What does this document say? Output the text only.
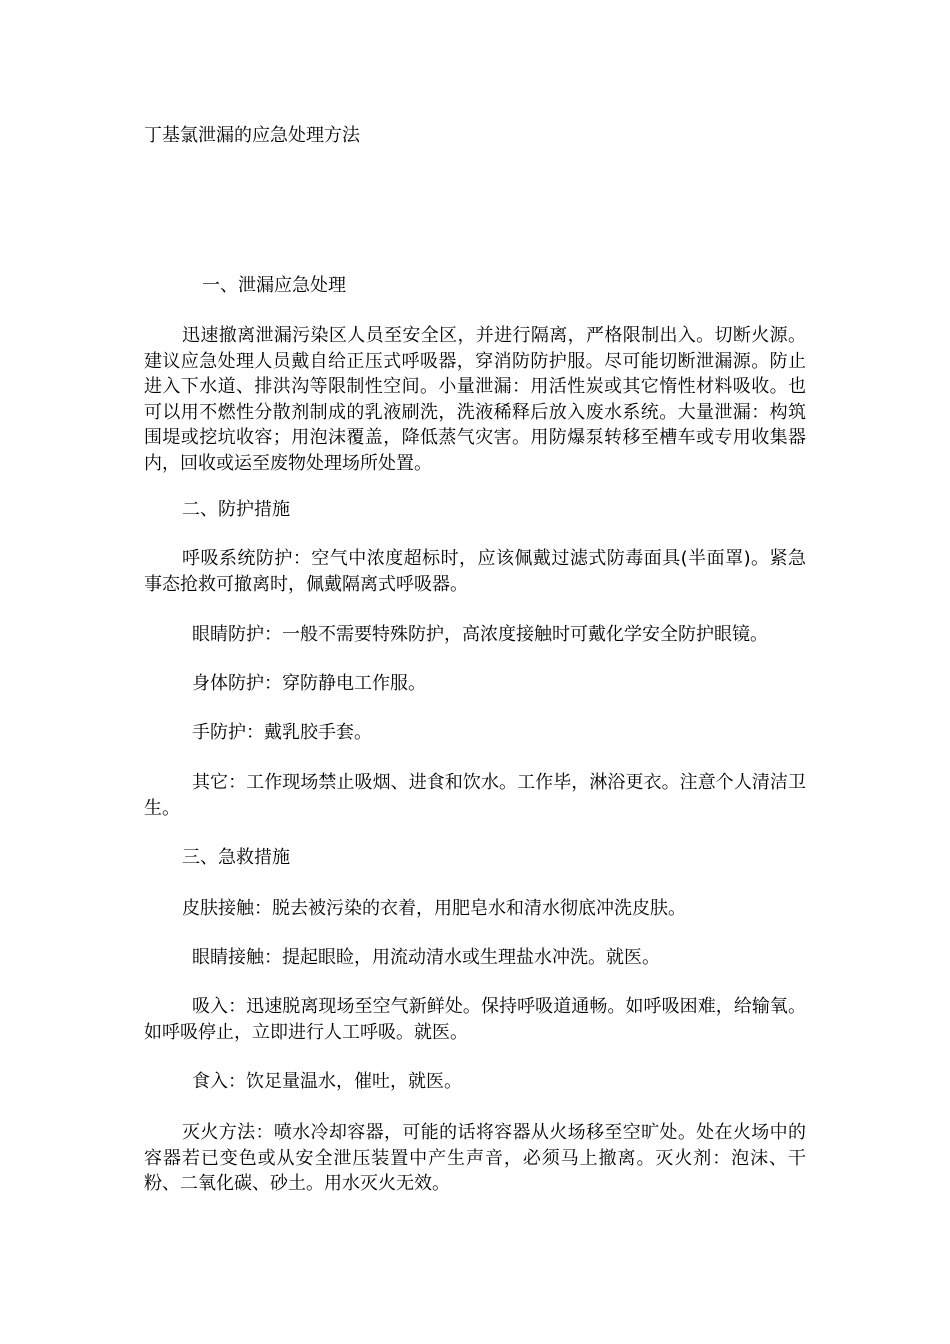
丁基氯泄漏的应急处理方法
一、泄漏应急处理

迅速撤离泄漏污染区人员至安全区，并进行隔离，严格限制出入。切断火源。建议应急处理人员戴自给正压式呼吸器，穿消防防护服。尽可能切断泄漏源。防止进入下水道、排洪沟等限制性空间。小量泄漏：用活性炭或其它惰性材料吸收。也可以用不燃性分散剂制成的乳液刷洗，洗液稀释后放入废水系统。大量泄漏：构筑围堤或挖坑收容；用泡沫覆盖，降低蒸气灾害。用防爆泵转移至槽车或专用收集器内，回收或运至废物处理场所处置。

二、防护措施

呼吸系统防护：空气中浓度超标时，应该佩戴过滤式防毒面具(半面罩)。紧急事态抢救可撤离时，佩戴隔离式呼吸器。

眼睛防护：一般不需要特殊防护，高浓度接触时可戴化学安全防护眼镜。
身体防护：穿防静电工作服。
手防护：戴乳胶手套。

其它：工作现场禁止吸烟、进食和饮水。工作毕，淋浴更衣。注意个人清洁卫生。

三、急救措施
皮肤接触：脱去被污染的衣着，用肥皂水和清水彻底冲洗皮肤。
眼睛接触：提起眼睑，用流动清水或生理盐水冲洗。就医。

吸入：迅速脱离现场至空气新鲜处。保持呼吸道通畅。如呼吸困难，给输氧。如呼吸停止，立即进行人工呼吸。就医。

食入：饮足量温水，催吐，就医。

灭火方法：喷水冷却容器，可能的话将容器从火场移至空旷处。处在火场中的容器若已变色或从安全泄压装置中产生声音，必须马上撤离。灭火剂：泡沫、干粉、二氧化碳、砂土。用水灭火无效。
